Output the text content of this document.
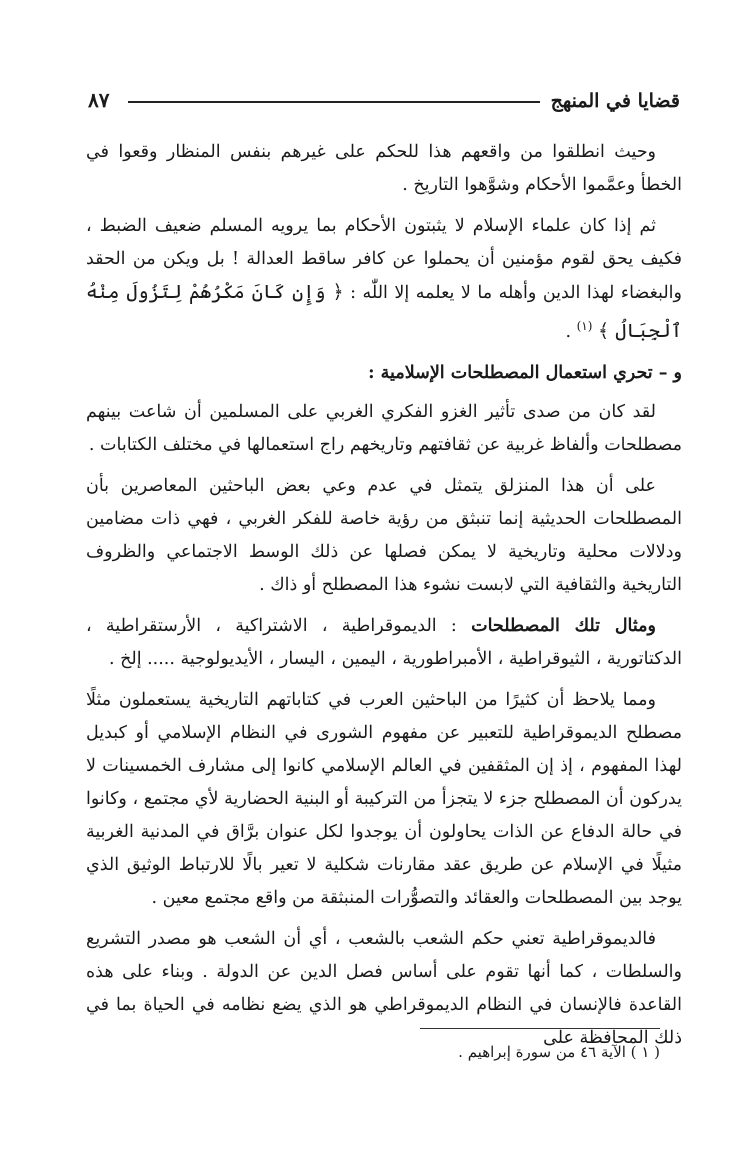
قضايا في المنهج
٨٧

وحيث انطلقوا من واقعهم هذا للحكم على غيرهم بنفس المنظار وقعوا في الخطأ وعمَّموا الأحكام وشوَّهوا التاريخ .

ثم إذا كان علماء الإسلام لا يثبتون الأحكام بما يرويه المسلم ضعيف الضبط ، فكيف يحق لقوم مؤمنين أن يحملوا عن كافر ساقط العدالة ! بل ويكن من الحقد والبغضاء لهذا الدين وأهله ما لا يعلمه إلا اللّٰه : ﴿ وَإِن كَانَ مَكْرُهُمْ لِتَزُولَ مِنْهُ ٱلْجِبَالُ ﴾ $^{(١)}$ .

و – تحري استعمال المصطلحات الإسلامية :

لقد كان من صدى تأثير الغزو الفكري الغربي على المسلمين أن شاعت بينهم مصطلحات وألفاظ غربية عن ثقافتهم وتاريخهم راج استعمالها في مختلف الكتابات .

على أن هذا المنزلق يتمثل في عدم وعي بعض الباحثين المعاصرين بأن المصطلحات الحديثية إنما تنبثق من رؤية خاصة للفكر الغربي ، فهي ذات مضامين ودلالات محلية وتاريخية لا يمكن فصلها عن ذلك الوسط الاجتماعي والظروف التاريخية والثقافية التي لابست نشوء هذا المصطلح أو ذاك .

ومثال تلك المصطلحات : الديموقراطية ، الاشتراكية ، الأرستقراطية ، الدكتاتورية ، الثيوقراطية ، الأمبراطورية ، اليمين ، اليسار ، الأيديولوجية ..... إلخ .

ومما يلاحظ أن كثيرًا من الباحثين العرب في كتاباتهم التاريخية يستعملون مثلًا مصطلح الديموقراطية للتعبير عن مفهوم الشورى في النظام الإسلامي أو كبديل لهذا المفهوم ، إذ إن المثقفين في العالم الإسلامي كانوا إلى مشارف الخمسينات لا يدركون أن المصطلح جزء لا يتجزأ من التركيبة أو البنية الحضارية لأي مجتمع ، وكانوا في حالة الدفاع عن الذات يحاولون أن يوجدوا لكل عنوان برَّاق في المدنية الغربية مثيلًا في الإسلام عن طريق عقد مقارنات شكلية لا تعير بالًا للارتباط الوثيق الذي يوجد بين المصطلحات والعقائد والتصوُّرات المنبثقة من واقع مجتمع معين .

فالديموقراطية تعني حكم الشعب بالشعب ، أي أن الشعب هو مصدر التشريع والسلطات ، كما أنها تقوم على أساس فصل الدين عن الدولة . وبناء على هذه القاعدة فالإنسان في النظام الديموقراطي هو الذي يضع نظامه في الحياة بما في ذلك المحافظة على

( ١ ) الآية ٤٦ من سورة إبراهيم .
